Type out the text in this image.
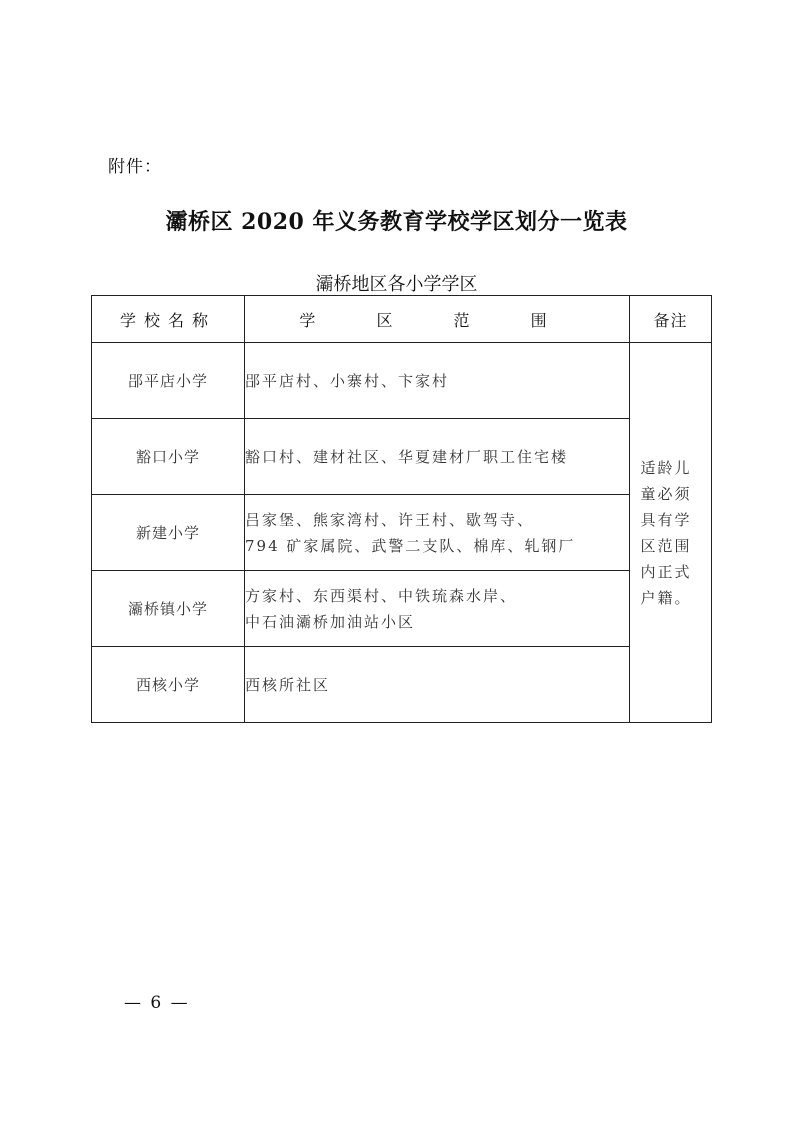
附件：
灞桥区 2020 年义务教育学校学区划分一览表
灞桥地区各小学学区
学校名称	学 区 范 围	备注
郘平店小学	郘平店村、小寨村、卞家村	适龄儿童必须具有学区范围内正式户籍。

豁口小学	豁口村、建材社区、华夏建材厂职工住宅楼	

新建小学	吕家堡、熊家湾村、许王村、歇驾寺、
794 矿家属院、武警二支队、棉库、轧钢厂	

灞桥镇小学	方家村、东西渠村、中铁琉森水岸、
中石油灞桥加油站小区	

西核小学	西核所社区	
— 6 —
